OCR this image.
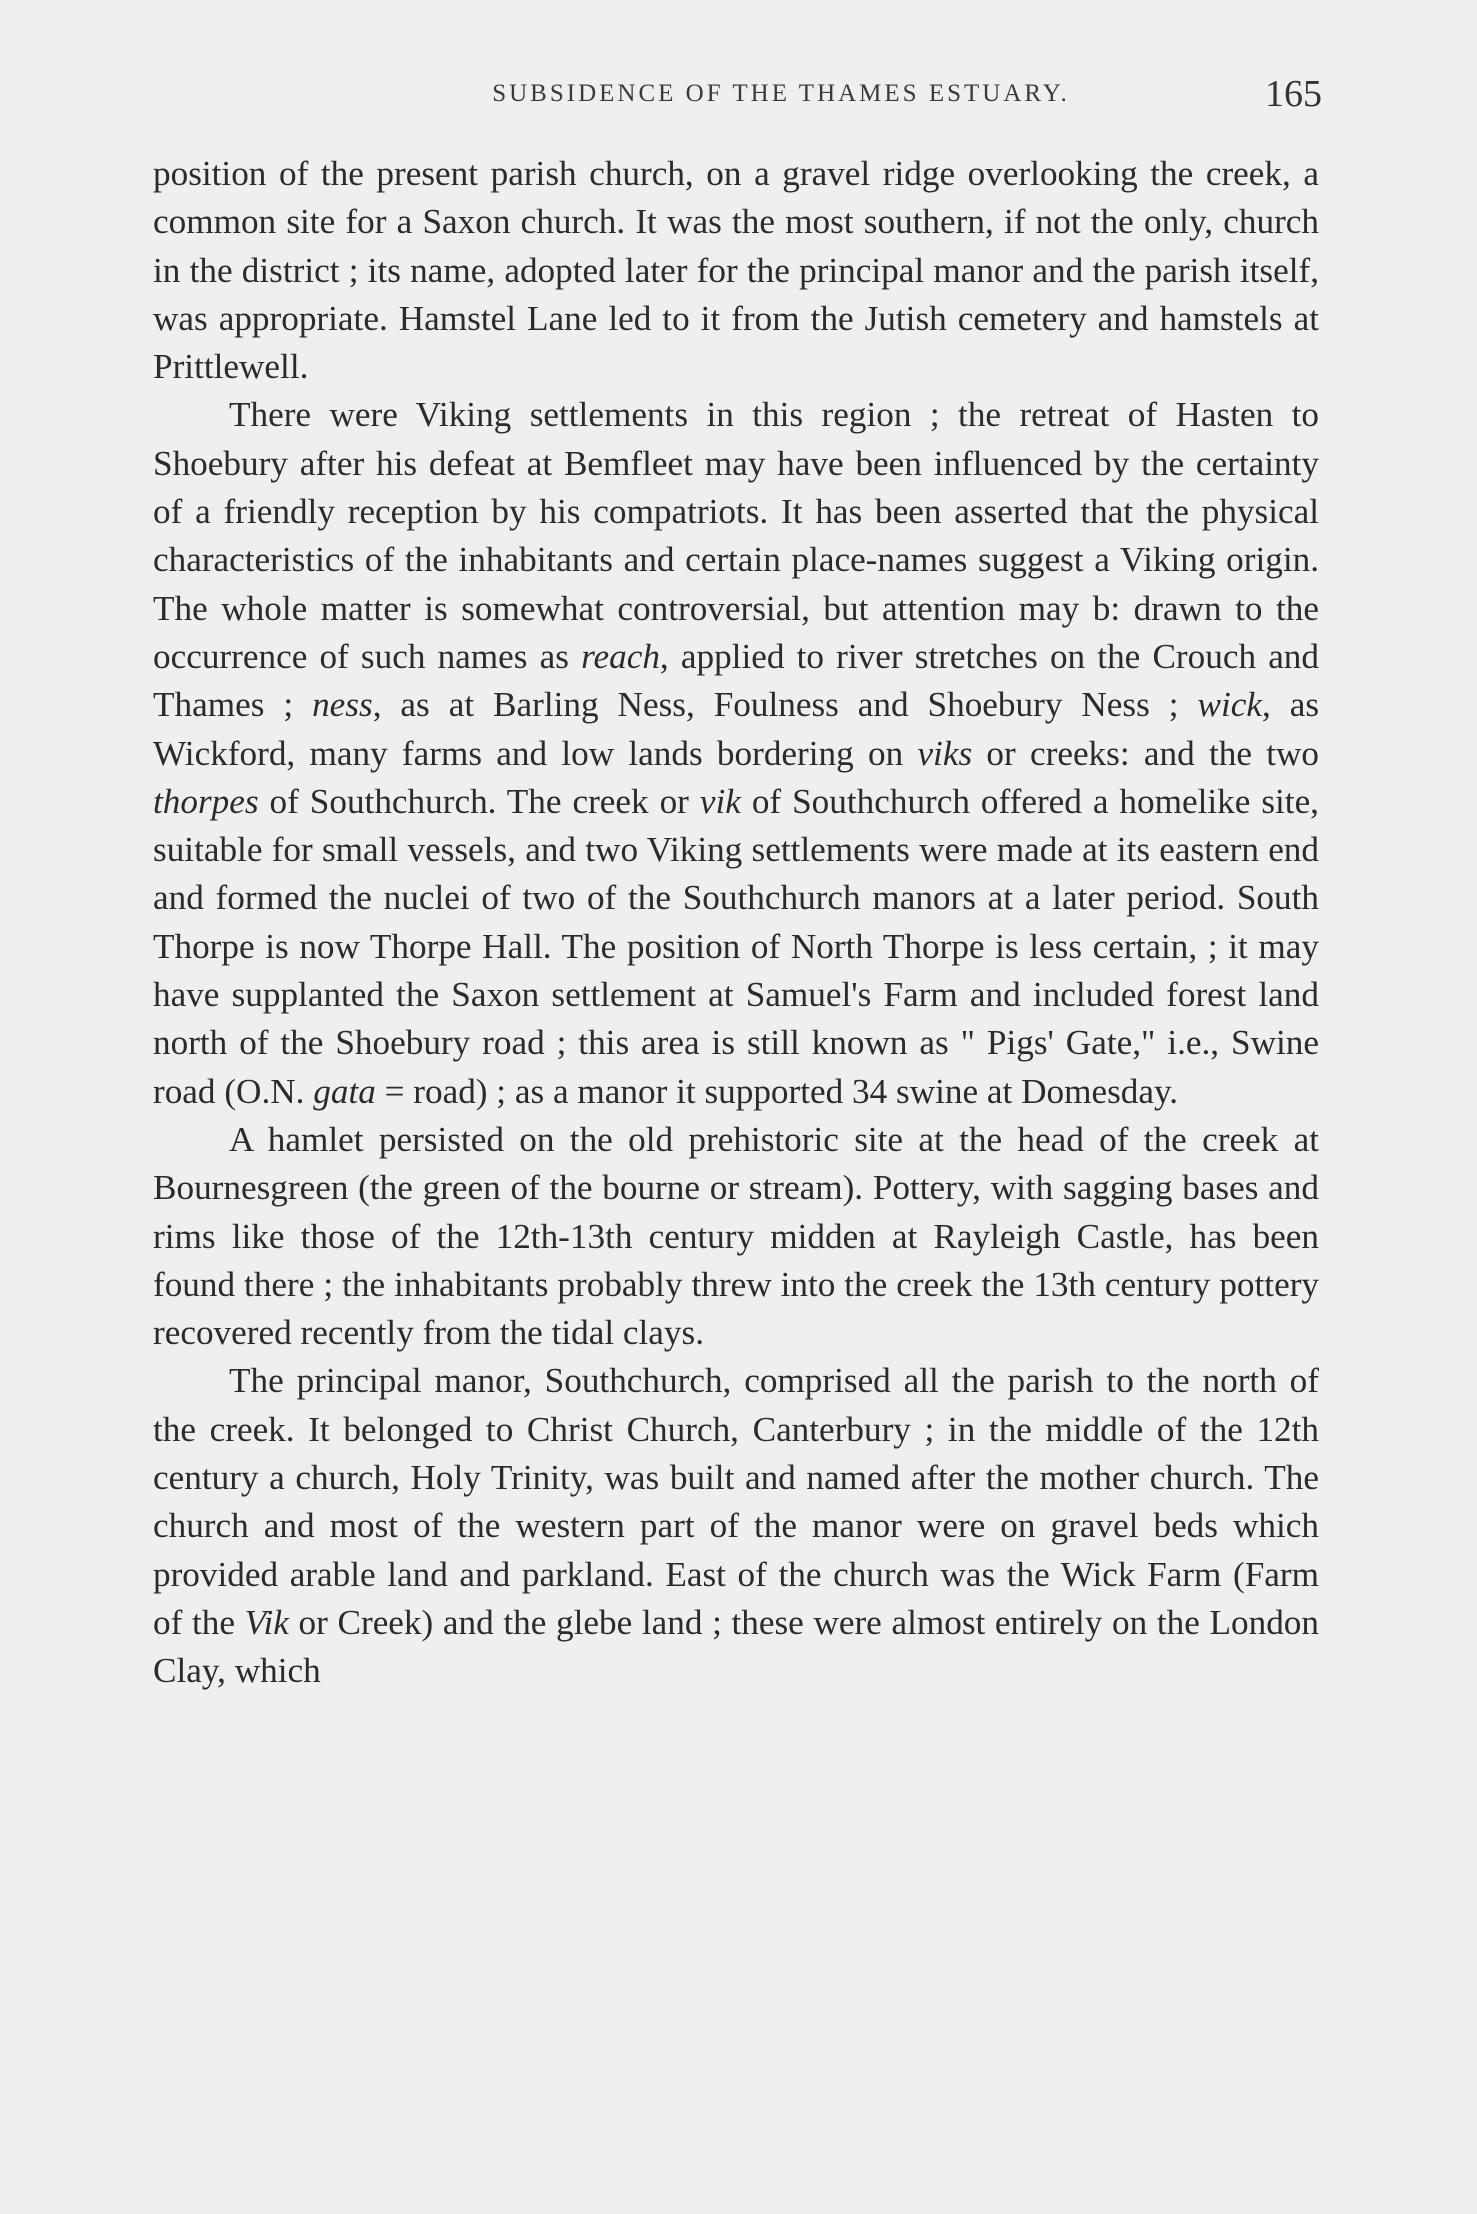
SUBSIDENCE OF THE THAMES ESTUARY.	165

position of the present parish church, on a gravel ridge overlooking the creek, a common site for a Saxon church. It was the most southern, if not the only, church in the district ; its name, adopted later for the principal manor and the parish itself, was appropriate. Hamstel Lane led to it from the Jutish cemetery and hamstels at Prittlewell.

There were Viking settlements in this region ; the retreat of Hasten to Shoebury after his defeat at Bemfleet may have been influenced by the certainty of a friendly reception by his compatriots. It has been asserted that the physical characteristics of the inhabitants and certain place-names suggest a Viking origin. The whole matter is somewhat controversial, but attention may b: drawn to the occurrence of such names as reach, applied to river stretches on the Crouch and Thames ; ness, as at Barling Ness, Foulness and Shoebury Ness ; wick, as Wickford, many farms and low lands bordering on viks or creeks: and the two thorpes of Southchurch. The creek or vik of Southchurch offered a homelike site, suitable for small vessels, and two Viking settlements were made at its eastern end and formed the nuclei of two of the Southchurch manors at a later period. South Thorpe is now Thorpe Hall. The position of North Thorpe is less certain, ; it may have supplanted the Saxon settlement at Samuel's Farm and included forest land north of the Shoebury road ; this area is still known as " Pigs' Gate," i.e., Swine road (O.N. gata = road) ; as a manor it supported 34 swine at Domesday.

A hamlet persisted on the old prehistoric site at the head of the creek at Bournesgreen (the green of the bourne or stream). Pottery, with sagging bases and rims like those of the 12th-13th century midden at Rayleigh Castle, has been found there ; the inhabitants probably threw into the creek the 13th century pottery recovered recently from the tidal clays.

The principal manor, Southchurch, comprised all the parish to the north of the creek. It belonged to Christ Church, Canterbury ; in the middle of the 12th century a church, Holy Trinity, was built and named after the mother church. The church and most of the western part of the manor were on gravel beds which provided arable land and parkland. East of the church was the Wick Farm (Farm of the Vik or Creek) and the glebe land ; these were almost entirely on the London Clay, which
